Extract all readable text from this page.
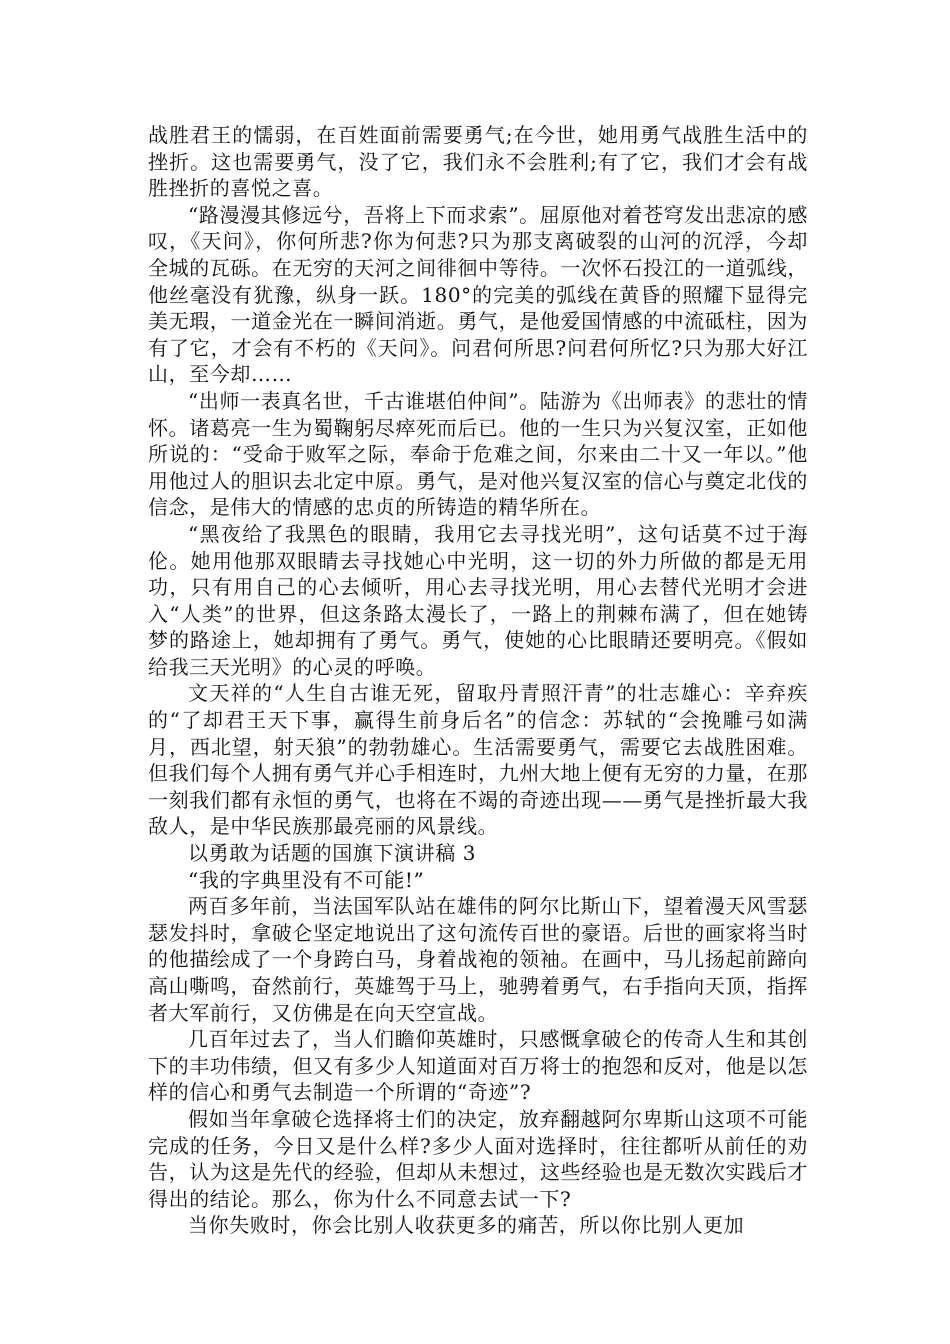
战胜君王的懦弱，在百姓面前需要勇气;在今世，她用勇气战胜生活中的挫折。这也需要勇气，没了它，我们永不会胜利;有了它，我们才会有战胜挫折的喜悦之喜。

“路漫漫其修远兮，吾将上下而求索”。屈原他对着苍穹发出悲凉的感叹，《天问》，你何所悲?你为何悲?只为那支离破裂的山河的沉浮，今却全城的瓦砾。在无穷的天河之间徘徊中等待。一次怀石投江的一道弧线，他丝毫没有犹豫，纵身一跃。180°的完美的弧线在黄昏的照耀下显得完美无瑕，一道金光在一瞬间消逝。勇气，是他爱国情感的中流砥柱，因为有了它，才会有不朽的《天问》。问君何所思?问君何所忆?只为那大好江山，至今却……

“出师一表真名世，千古谁堪伯仲间”。陆游为《出师表》的悲壮的情怀。诸葛亮一生为蜀鞠躬尽瘁死而后已。他的一生只为兴复汉室，正如他所说的：“受命于败军之际，奉命于危难之间，尔来由二十又一年以。”他用他过人的胆识去北定中原。勇气，是对他兴复汉室的信心与奠定北伐的信念，是伟大的情感的忠贞的所铸造的精华所在。

“黑夜给了我黑色的眼睛，我用它去寻找光明”，这句话莫不过于海伦。她用他那双眼睛去寻找她心中光明，这一切的外力所做的都是无用功，只有用自己的心去倾听，用心去寻找光明，用心去替代光明才会进入“人类”的世界，但这条路太漫长了，一路上的荆棘布满了，但在她铸梦的路途上，她却拥有了勇气。勇气，使她的心比眼睛还要明亮。《假如给我三天光明》的心灵的呼唤。

文天祥的“人生自古谁无死，留取丹青照汗青”的壮志雄心：辛弃疾的“了却君王天下事，赢得生前身后名”的信念：苏轼的“会挽雕弓如满月，西北望，射天狼”的勃勃雄心。生活需要勇气，需要它去战胜困难。但我们每个人拥有勇气并心手相连时，九州大地上便有无穷的力量，在那一刻我们都有永恒的勇气，也将在不竭的奇迹出现——勇气是挫折最大我敌人，是中华民族那最亮丽的风景线。

以勇敢为话题的国旗下演讲稿 3

“我的字典里没有不可能!”

两百多年前，当法国军队站在雄伟的阿尔比斯山下，望着漫天风雪瑟瑟发抖时，拿破仑坚定地说出了这句流传百世的豪语。后世的画家将当时的他描绘成了一个身跨白马，身着战袍的领袖。在画中，马儿扬起前蹄向高山嘶鸣，奋然前行，英雄驾于马上，驰骋着勇气，右手指向天顶，指挥者大军前行，又仿佛是在向天空宣战。

几百年过去了，当人们瞻仰英雄时，只感慨拿破仑的传奇人生和其创下的丰功伟绩，但又有多少人知道面对百万将士的抱怨和反对，他是以怎样的信心和勇气去制造一个所谓的“奇迹”?

假如当年拿破仑选择将士们的决定，放弃翻越阿尔卑斯山这项不可能完成的任务，今日又是什么样?多少人面对选择时，往往都听从前任的劝告，认为这是先代的经验，但却从未想过，这些经验也是无数次实践后才得出的结论。那么，你为什么不同意去试一下?

当你失败时，你会比别人收获更多的痛苦，所以你比别人更加
